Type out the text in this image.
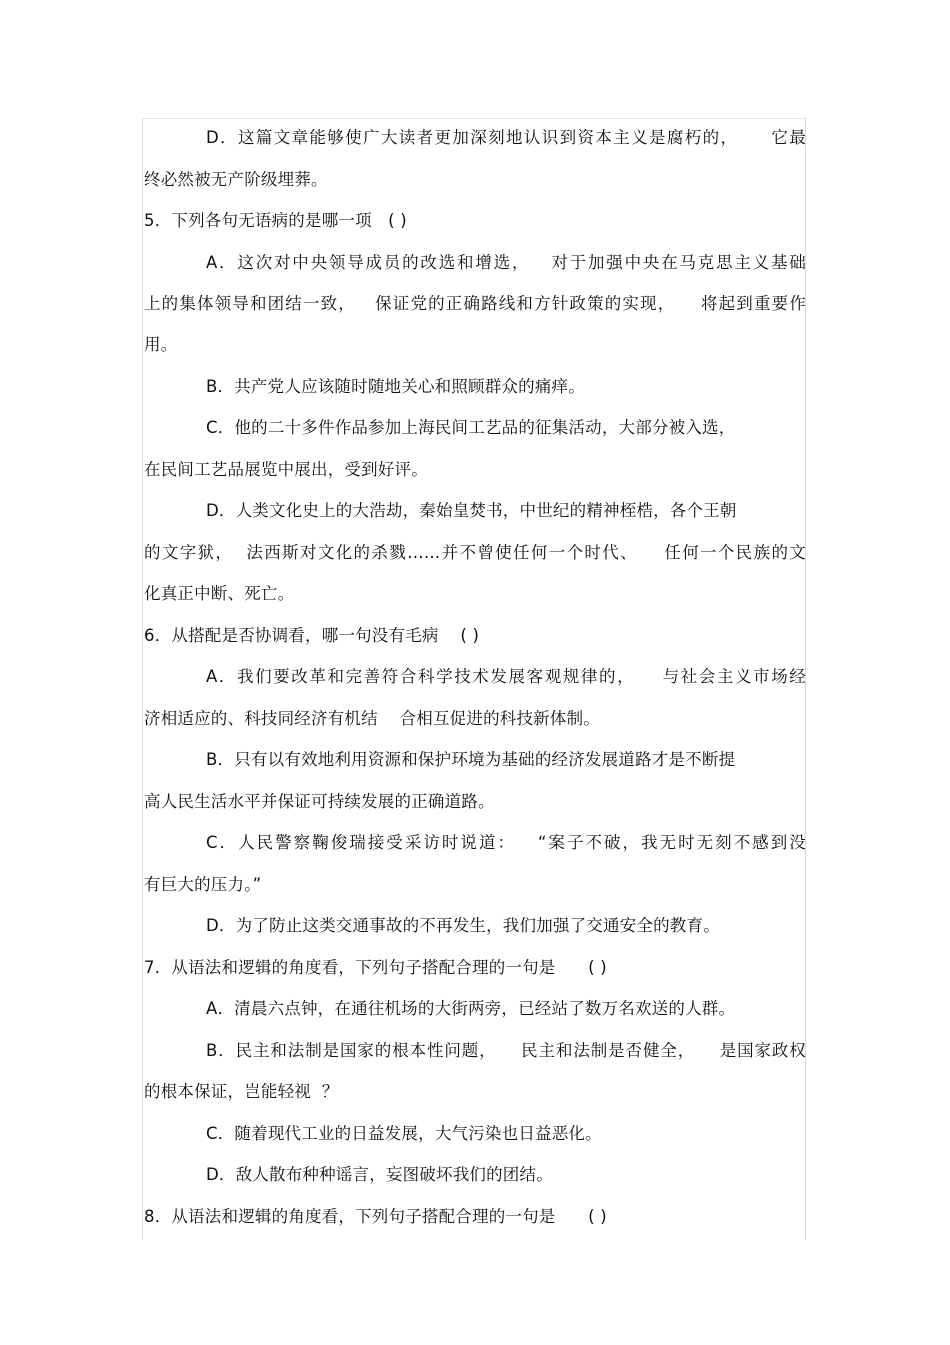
D．这篇文章能够使广大读者更加深刻地认识到资本主义是腐朽的，     它最
终必然被无产阶级埋葬。
5．下列各句无语病的是哪一项   ( )
A．这次对中央领导成员的改选和增选，   对于加强中央在马克思主义基础
上的集体领导和团结一致，   保证党的正确路线和方针政策的实现，    将起到重要作
用。
B．共产党人应该随时随地关心和照顾群众的痛痒。
C．他的二十多件作品参加上海民间工艺品的征集活动，大部分被入选，
在民间工艺品展览中展出，受到好评。
D．人类文化史上的大浩劫，秦始皇焚书，中世纪的精神桎梏，各个王朝
的文字狱，  法西斯对文化的杀戮……并不曾使任何一个时代、    任何一个民族的文
化真正中断、死亡。
6．从搭配是否协调看，哪一句没有毛病    ( )
A．我们要改革和完善符合科学技术发展客观规律的，    与社会主义市场经
济相适应的、科技同经济有机结    合相互促进的科技新体制。
B．只有以有效地利用资源和保护环境为基础的经济发展道路才是不断提
高人民生活水平并保证可持续发展的正确道路。
C．人民警察鞠俊瑞接受采访时说道：   “案子不破，我无时无刻不感到没
有巨大的压力。”
D．为了防止这类交通事故的不再发生，我们加强了交通安全的教育。
7．从语法和逻辑的角度看，下列句子搭配合理的一句是      ( )
A．清晨六点钟，在通往机场的大街两旁，已经站了数万名欢送的人群。
B．民主和法制是国家的根本性问题，    民主和法制是否健全，    是国家政权
的根本保证，岂能轻视  ？
C．随着现代工业的日益发展，大气污染也日益恶化。
D．敌人散布种种谣言，妄图破坏我们的团结。
8．从语法和逻辑的角度看，下列句子搭配合理的一句是      ( )
